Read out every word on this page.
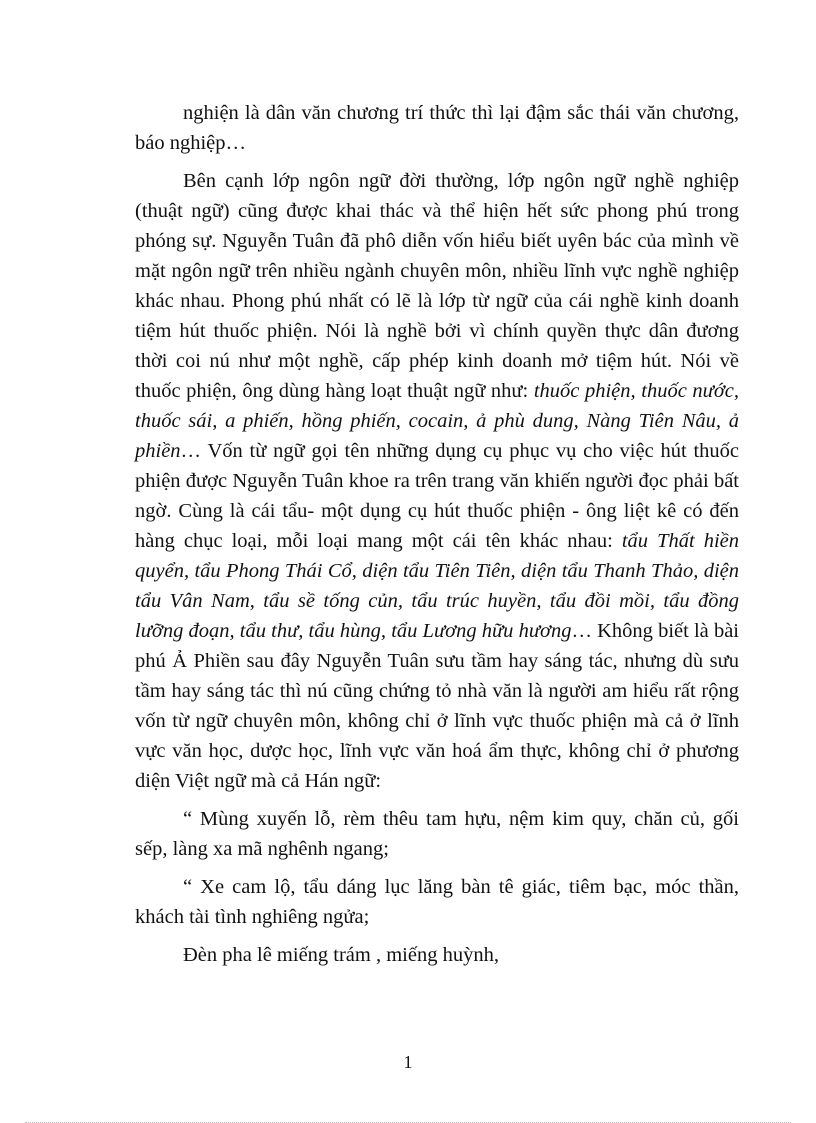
nghiện là dân văn chương trí thức thì lại đậm sắc thái văn chương, báo nghiệp…

Bên cạnh lớp ngôn ngữ đời thường, lớp ngôn ngữ nghề nghiệp (thuật ngữ) cũng được khai thác và thể hiện hết sức phong phú trong phóng sự. Nguyễn Tuân đã phô diễn vốn hiểu biết uyên bác của mình về mặt ngôn ngữ trên nhiều ngành chuyên môn, nhiều lĩnh vực nghề nghiệp khác nhau. Phong phú nhất có lẽ là lớp từ ngữ của cái nghề kinh doanh tiệm hút thuốc phiện. Nói là nghề bởi vì chính quyền thực dân đương thời coi nú như một nghề, cấp phép kinh doanh mở tiệm hút. Nói về thuốc phiện, ông dùng hàng loạt thuật ngữ như: thuốc phiện, thuốc nước, thuốc sái, a phiến, hồng phiến, cocain, ả phù dung, Nàng Tiên Nâu, ả phiền… Vốn từ ngữ gọi tên những dụng cụ phục vụ cho việc hút thuốc phiện được Nguyễn Tuân khoe ra trên trang văn khiến người đọc phải bất ngờ. Cùng là cái tẩu- một dụng cụ hút thuốc phiện - ông liệt kê có đến hàng chục loại, mỗi loại mang một cái tên khác nhau: tẩu Thất hiền quyển, tẩu Phong Thái Cổ, diện tẩu Tiên Tiên, diện tẩu Thanh Thảo, diện tẩu Vân Nam, tẩu sề tống củn, tẩu trúc huyền, tẩu đồi mồi, tẩu đồng lưỡng đoạn, tẩu thư, tẩu hùng, tẩu Lương hữu hương… Không biết là bài phú Ả Phiền sau đây Nguyễn Tuân sưu tầm hay sáng tác, nhưng dù sưu tầm hay sáng tác thì nú cũng chứng tỏ nhà văn là người am hiểu rất rộng vốn từ ngữ chuyên môn, không chỉ ở lĩnh vực thuốc phiện mà cả ở lĩnh vực văn học, dược học, lĩnh vực văn hoá ẩm thực, không chỉ ở phương diện Việt ngữ mà cả Hán ngữ:

“ Mùng xuyến lỗ, rèm thêu tam hựu, nệm kim quy, chăn củ, gối sếp, làng xa mã nghênh ngang;

“ Xe cam lộ, tẩu dáng lục lăng bàn tê giác, tiêm bạc, móc thần, khách tài tình nghiêng ngửa;

Đèn pha lê miếng trám , miếng huỳnh,

1
